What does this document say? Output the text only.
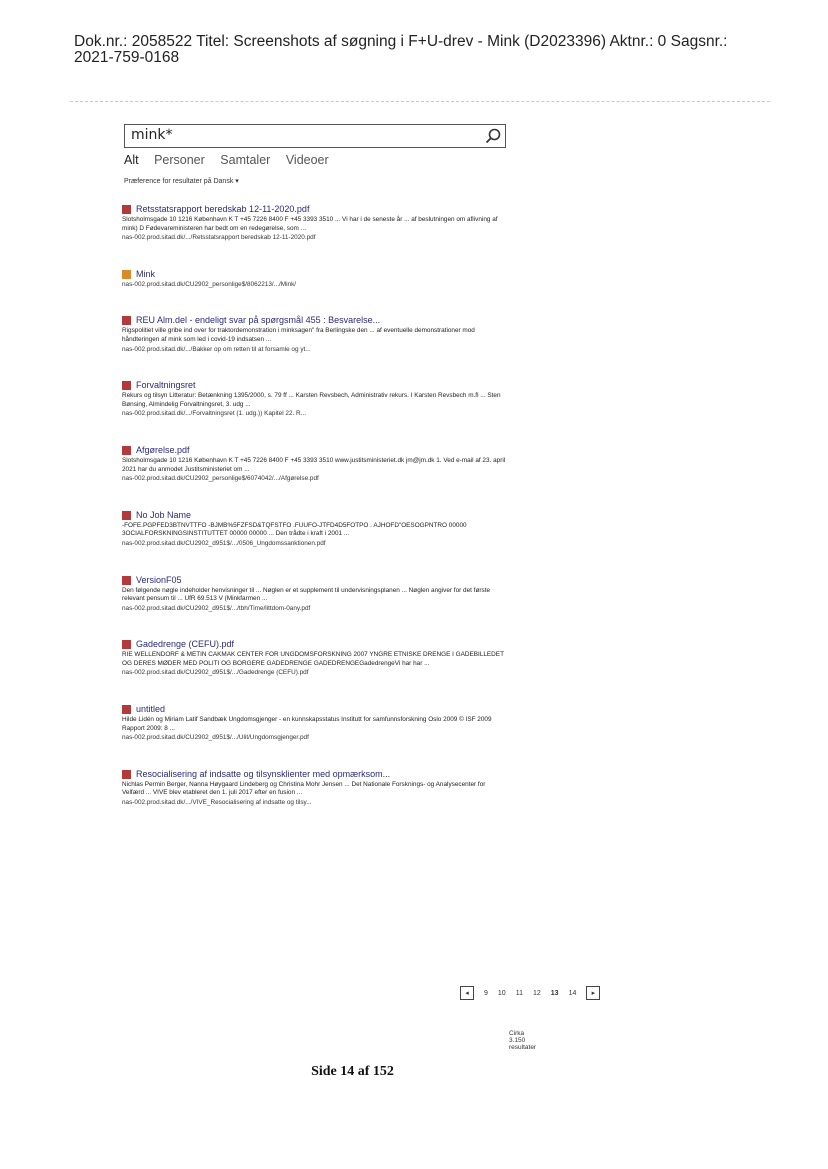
Dok.nr.: 2058522 Titel: Screenshots af søgning i F+U-drev - Mink (D2023396) Aktnr.: 0 Sagsnr.:
2021-759-0168
mink*
Alt Personer Samtaler Videoer
Præference for resultater på Dansk ▾
Retsstatsrapport beredskab 12-11-2020.pdf
Slotsholmsgade 10 1216 København K T +45 7226 8400 F +45 3393 3510 ... Vi har i de seneste år ... af beslutningen om aflivning af mink) D Fødevareministeren har bedt om en redegørelse, som ...
nas-002.prod.sitad.dk/.../Retsstatsrapport beredskab 12-11-2020.pdf
Mink
nas-002.prod.sitad.dk/CU2902_personlige$/8062213/.../Mink/
REU Alm.del - endeligt svar på spørgsmål 455 : Besvarelse...
Rigspolitiet ville gribe ind over for traktordemonstration i minksagen" fra Berlingske den ... af eventuelle demonstrationer mod håndteringen af mink som led i covid-19 indsatsen ...
nas-002.prod.sitad.dk/.../Bakker op om retten til at forsamle og yt...
Forvaltningsret
Rekurs og tilsyn Litteratur: Betænkning 1395/2000, s. 79 ff ... Karsten Revsbech, Administrativ rekurs. I Karsten Revsbech m.fl ... Sten Bønsing, Almindelig Forvaltningsret, 3. udg ...
nas-002.prod.sitad.dk/.../Forvaltningsret (1. udg.)) Kapitel 22. R...
Afgørelse.pdf
Slotsholmsgade 10 1216 København K T +45 7226 8400 F +45 3393 3510 www.justitsministeriet.dk jm@jm.dk 1. Ved e-mail af 23. april 2021 har du anmodet Justitsministeriet om ...
nas-002.prod.sitad.dk/CU2902_personlige$/6074042/.../Afgørelse.pdf
No Job Name
-FOFE.PGPFED3BTNVTTFO -BJMB%5FZFSD&TQFSTFO .FUUFO-JTFD4D5FOTPO . AJHOFD"OESOGPNTRO 00000 3OCIALFORSKNINGSINSTITUTTET 00000 00000 ... Den trådte i kraft i 2001 ...
nas-002.prod.sitad.dk/CU2902_d951$/.../0506_Ungdomssanktionen.pdf
VersionF05
Den følgende nøgle indeholder henvisninger til ... Nøglen er et supplement til undervisningsplanen ... Nøglen angiver for det første relevant pensum til ... UfR 69.513 V (Minkfarmen ...
nas-002.prod.sitad.dk/CU2902_d951$/.../tbh/Time/littdom-0any.pdf
Gadedrenge (CEFU).pdf
RIE WELLENDORF & METIN CAKMAK CENTER FOR UNGDOMSFORSKNING 2007 YNGRE ETNISKE DRENGE I GADEBILLEDET OG DERES MØDER MED POLITI OG BORGERE GADEDRENGE GADEDRENGEGadedrengeVi har har ...
nas-002.prod.sitad.dk/CU2902_d951$/.../Gadedrenge (CEFU).pdf
untitled
Hilde Lidén og Miriam Latif Sandbæk Ungdomsgjenger - en kunnskapsstatus Institutt for samfunnsforskning Oslo 2009 © ISF 2009 Rapport 2009: 8 ...
nas-002.prod.sitad.dk/CU2902_d951$/.../Ulit/Ungdomsgjenger.pdf
Resocialisering af indsatte og tilsynsklienter med opmærksom...
Nichlas Permin Berger, Nanna Høygaard Lindeberg og Christina Mohr Jensen ... Det Nationale Forsknings- og Analysecenter for Velfærd ... VIVE blev etableret den 1. juli 2017 efter en fusion ...
nas-002.prod.sitad.dk/.../VIVE_Resocialisering af indsatte og tilsy...
◂	9 10 11 12 13 14	▸
Cirka 3.150 resultater
Side 14 af 152
